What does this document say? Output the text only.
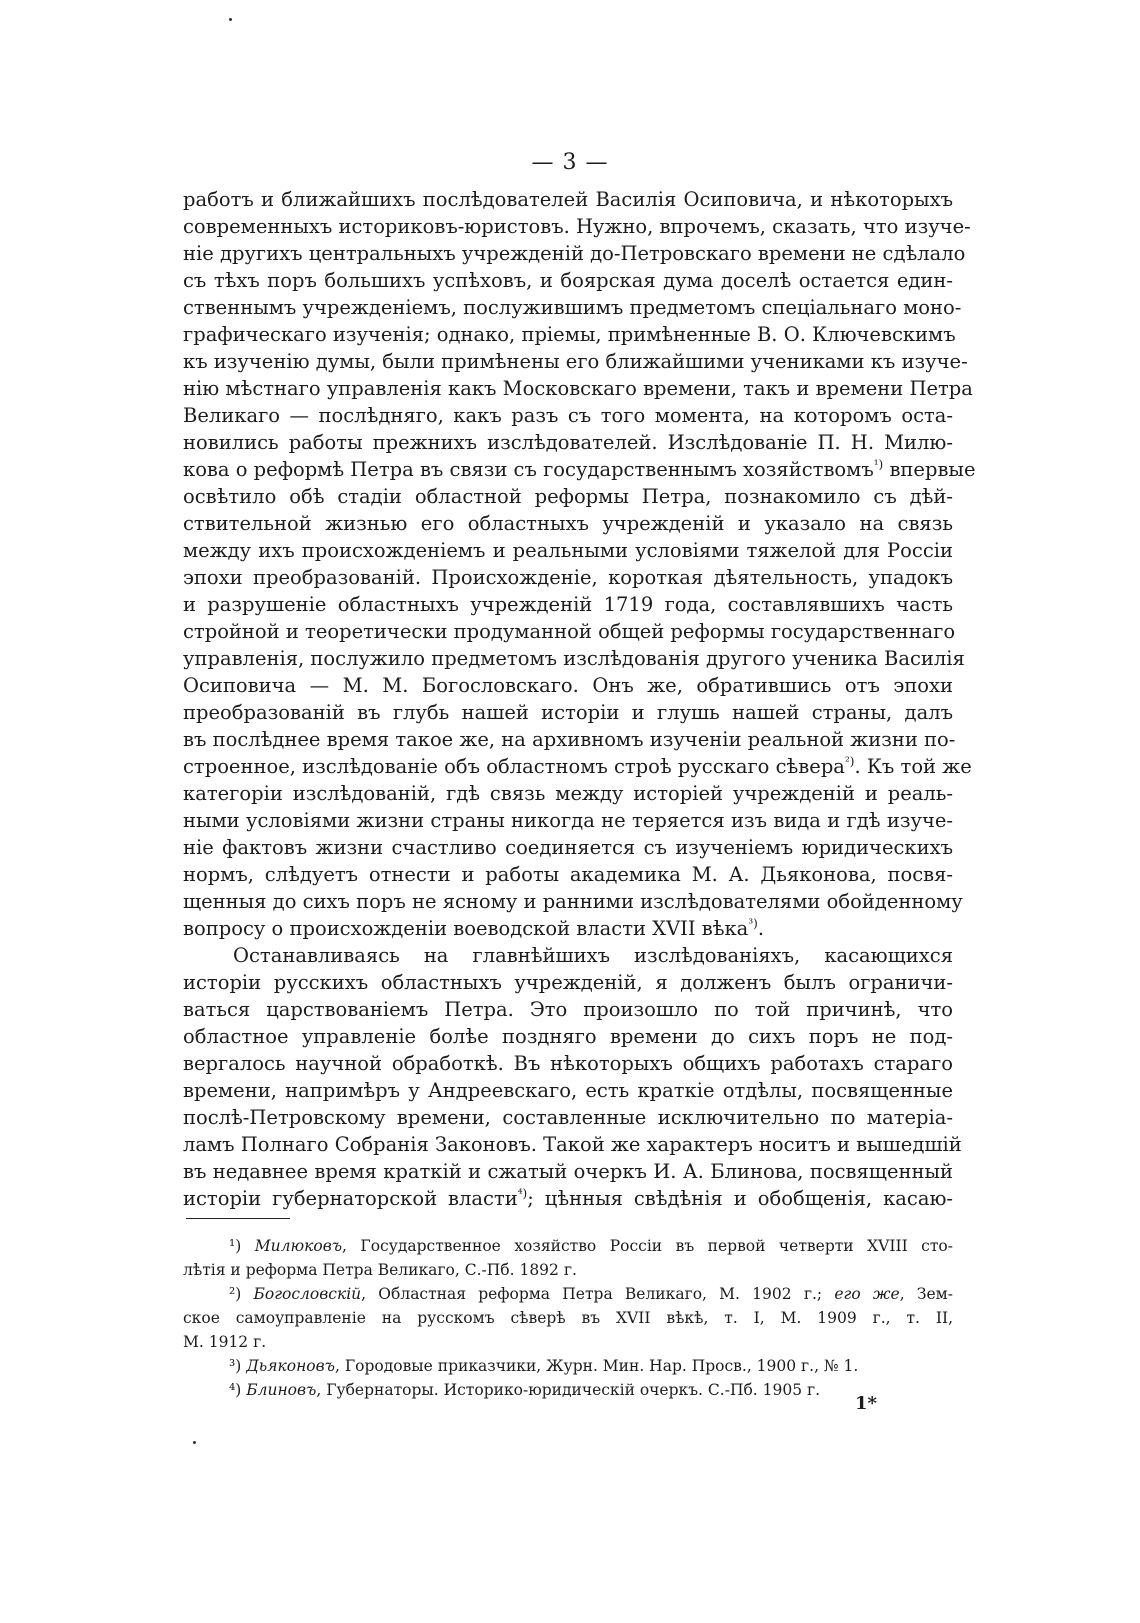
— 3 —
работъ и ближайшихъ послѣдователей Василія Осиповича, и нѣкоторыхъ
современныхъ историковъ-юристовъ. Нужно, впрочемъ, сказать, что изуче-
ніе другихъ центральныхъ учрежденій до-Петровскаго времени не сдѣлало
съ тѣхъ поръ большихъ успѣховъ, и боярская дума доселѣ остается един-
ственнымъ учрежденіемъ, послужившимъ предметомъ спеціальнаго моно-
графическаго изученія; однако, пріемы, примѣненные В. О. Ключевскимъ
къ изученію думы, были примѣнены его ближайшими учениками къ изуче-
нію мѣстнаго управленія какъ Московскаго времени, такъ и времени Петра
Великаго — послѣдняго, какъ разъ съ того момента, на которомъ оста-
новились работы прежнихъ изслѣдователей. Изслѣдованіе П. Н. Милю-
кова о реформѣ Петра въ связи съ государственнымъ хозяйствомъ$^{^1)}$ впервые
освѣтило обѣ стадіи областной реформы Петра, познакомило съ дѣй-
ствительной жизнью его областныхъ учрежденій и указало на связь
между ихъ происхожденіемъ и реальными условіями тяжелой для Россіи
эпохи преобразованій. Происхожденіе, короткая дѣятельность, упадокъ
и разрушеніе областныхъ учрежденій 1719 года, составлявшихъ часть
стройной и теоретически продуманной общей реформы государственнаго
управленія, послужило предметомъ изслѣдованія другого ученика Василія
Осиповича — М. М. Богословскаго. Онъ же, обратившись отъ эпохи
преобразованій въ глубь нашей исторіи и глушь нашей страны, далъ
въ послѣднее время такое же, на архивномъ изученіи реальной жизни по-
строенное, изслѣдованіе объ областномъ строѣ русскаго сѣвера$^{^2)}$. Къ той же
категоріи изслѣдованій, гдѣ связь между исторіей учрежденій и реаль-
ными условіями жизни страны никогда не теряется изъ вида и гдѣ изуче-
ніе фактовъ жизни счастливо соединяется съ изученіемъ юридическихъ
нормъ, слѣдуетъ отнести и работы академика М. А. Дьяконова, посвя-
щенныя до сихъ поръ не ясному и ранними изслѣдователями обойденному
вопросу о происхожденіи воеводской власти XVII вѣка$^{^3)}$.
Останавливаясь на главнѣйшихъ изслѣдованіяхъ, касающихся
исторіи русскихъ областныхъ учрежденій, я долженъ былъ ограничи-
ваться царствованіемъ Петра. Это произошло по той причинѣ, что
областное управленіе болѣе поздняго времени до сихъ поръ не под-
вергалось научной обработкѣ. Въ нѣкоторыхъ общихъ работахъ стараго
времени, напримѣръ у Андреевскаго, есть краткіе отдѣлы, посвященные
послѣ-Петровскому времени, составленные исключительно по матеріа-
ламъ Полнаго Собранія Законовъ. Такой же характеръ носитъ и вышедшій
въ недавнее время краткій и сжатый очеркъ И. А. Блинова, посвященный
исторіи губернаторской власти$^{^4)}$; цѣнныя свѣдѣнія и обобщенія, касаю-
¹) Милюковъ, Государственное хозяйство Россіи въ первой четверти XVIII сто-
лѣтія и реформа Петра Великаго, С.-Пб. 1892 г.
²) Богословскій, Областная реформа Петра Великаго, М. 1902 г.; его же, Зем-
ское самоуправленіе на русскомъ сѣверѣ въ XVII вѣкѣ, т. I, М. 1909 г., т. II,
М. 1912 г.
³) Дьяконовъ, Городовые приказчики, Журн. Мин. Нар. Просв., 1900 г., № 1.
⁴) Блиновъ, Губернаторы. Историко-юридическій очеркъ. С.-Пб. 1905 г.
1*
